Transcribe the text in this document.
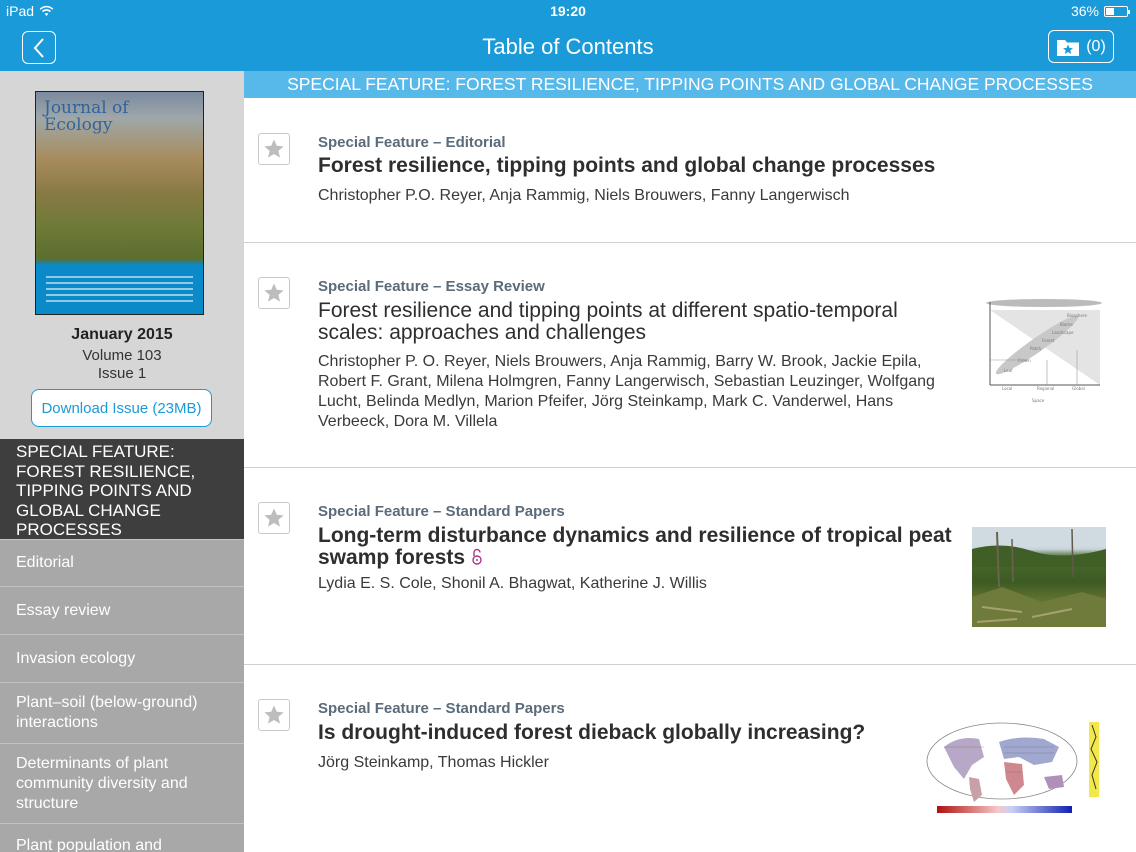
iPad	19:20	36%
Table of Contents	(0)
Journal of Ecology
January 2015
Volume 103
Issue 1
Download Issue (23MB)
SPECIAL FEATURE: FOREST RESILIENCE, TIPPING POINTS AND GLOBAL CHANGE PROCESSES
Editorial
Essay review
Invasion ecology
Plant–soil (below-ground) interactions
Determinants of plant community diversity and structure
Plant population and
SPECIAL FEATURE: FOREST RESILIENCE, TIPPING POINTS AND GLOBAL CHANGE PROCESSES
Special Feature – Editorial
Forest resilience, tipping points and global change processes
Christopher P.O. Reyer, Anja Rammig, Niels Brouwers, Fanny Langerwisch
Special Feature – Essay Review
Forest resilience and tipping points at different spatio-temporal scales: approaches and challenges
Christopher P. O. Reyer, Niels Brouwers, Anja Rammig, Barry W. Brook, Jackie Epila, Robert F. Grant, Milena Holmgren, Fanny Langerwisch, Sebastian Leuzinger, Wolfgang Lucht, Belinda Medlyn, Marion Pfeifer, Jörg Steinkamp, Mark C. Vanderwel, Hans Verbeeck, Dora M. Villela
Biosphere
Biome
Landscape
Forest
Patch
Crown
Leaf
Space
Local	Regional	Global
Special Feature – Standard Papers
Long-term disturbance dynamics and resilience of tropical peat swamp forests
Lydia E. S. Cole, Shonil A. Bhagwat, Katherine J. Willis
Special Feature – Standard Papers
Is drought-induced forest dieback globally increasing?
Jörg Steinkamp, Thomas Hickler
